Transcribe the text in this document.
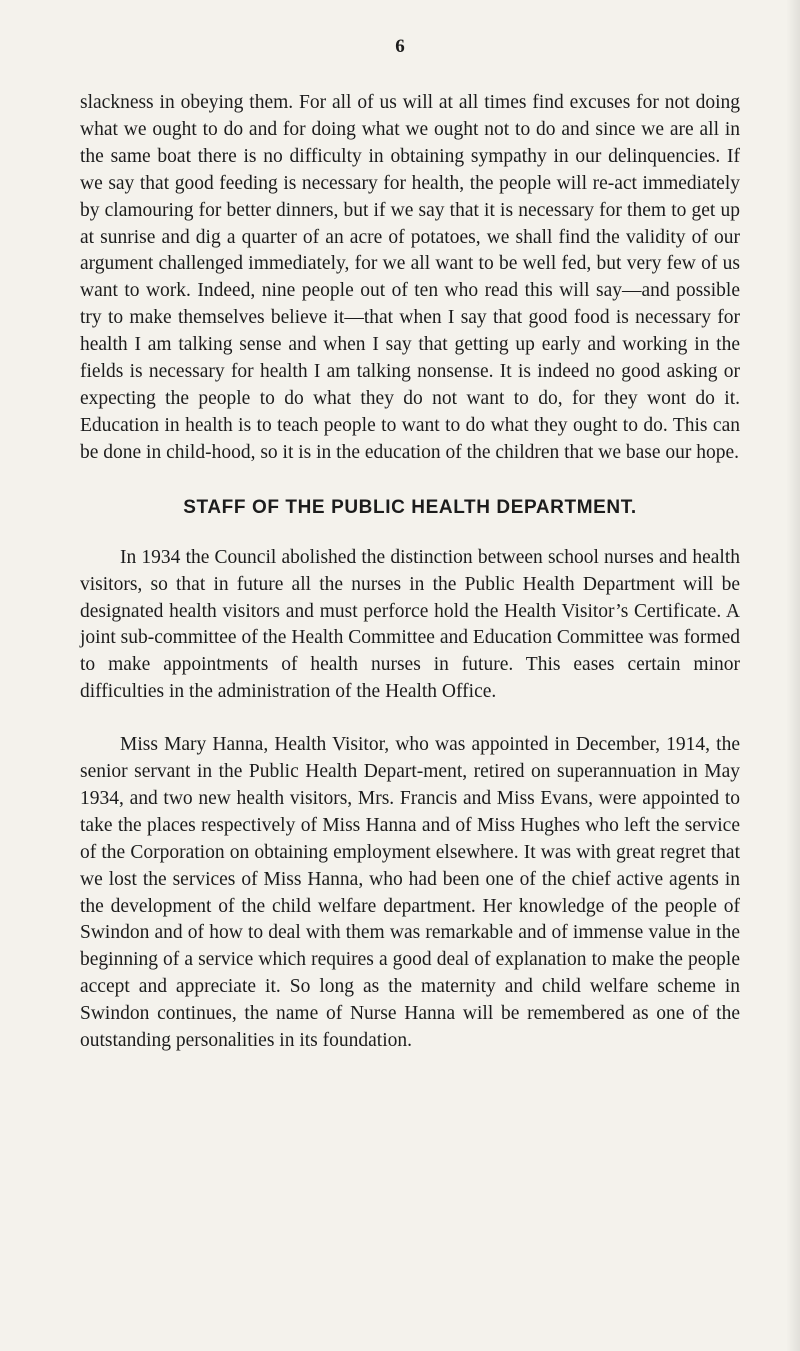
6

slackness in obeying them. For all of us will at all times find excuses for not doing what we ought to do and for doing what we ought not to do and since we are all in the same boat there is no difficulty in obtaining sympathy in our delinquencies. If we say that good feeding is necessary for health, the people will re-act immediately by clamouring for better dinners, but if we say that it is necessary for them to get up at sunrise and dig a quarter of an acre of potatoes, we shall find the validity of our argument challenged immediately, for we all want to be well fed, but very few of us want to work. Indeed, nine people out of ten who read this will say—and possible try to make themselves believe it—that when I say that good food is necessary for health I am talking sense and when I say that getting up early and working in the fields is necessary for health I am talking nonsense. It is indeed no good asking or expecting the people to do what they do not want to do, for they wont do it. Education in health is to teach people to want to do what they ought to do. This can be done in child-hood, so it is in the education of the children that we base our hope.

STAFF OF THE PUBLIC HEALTH DEPARTMENT.

In 1934 the Council abolished the distinction between school nurses and health visitors, so that in future all the nurses in the Public Health Department will be designated health visitors and must perforce hold the Health Visitor’s Certificate. A joint sub-committee of the Health Committee and Education Committee was formed to make appointments of health nurses in future. This eases certain minor difficulties in the administration of the Health Office.

Miss Mary Hanna, Health Visitor, who was appointed in December, 1914, the senior servant in the Public Health Depart-ment, retired on superannuation in May 1934, and two new health visitors, Mrs. Francis and Miss Evans, were appointed to take the places respectively of Miss Hanna and of Miss Hughes who left the service of the Corporation on obtaining employment elsewhere. It was with great regret that we lost the services of Miss Hanna, who had been one of the chief active agents in the development of the child welfare department. Her knowledge of the people of Swindon and of how to deal with them was remarkable and of immense value in the beginning of a service which requires a good deal of explanation to make the people accept and appreciate it. So long as the maternity and child welfare scheme in Swindon continues, the name of Nurse Hanna will be remembered as one of the outstanding personalities in its foundation.
